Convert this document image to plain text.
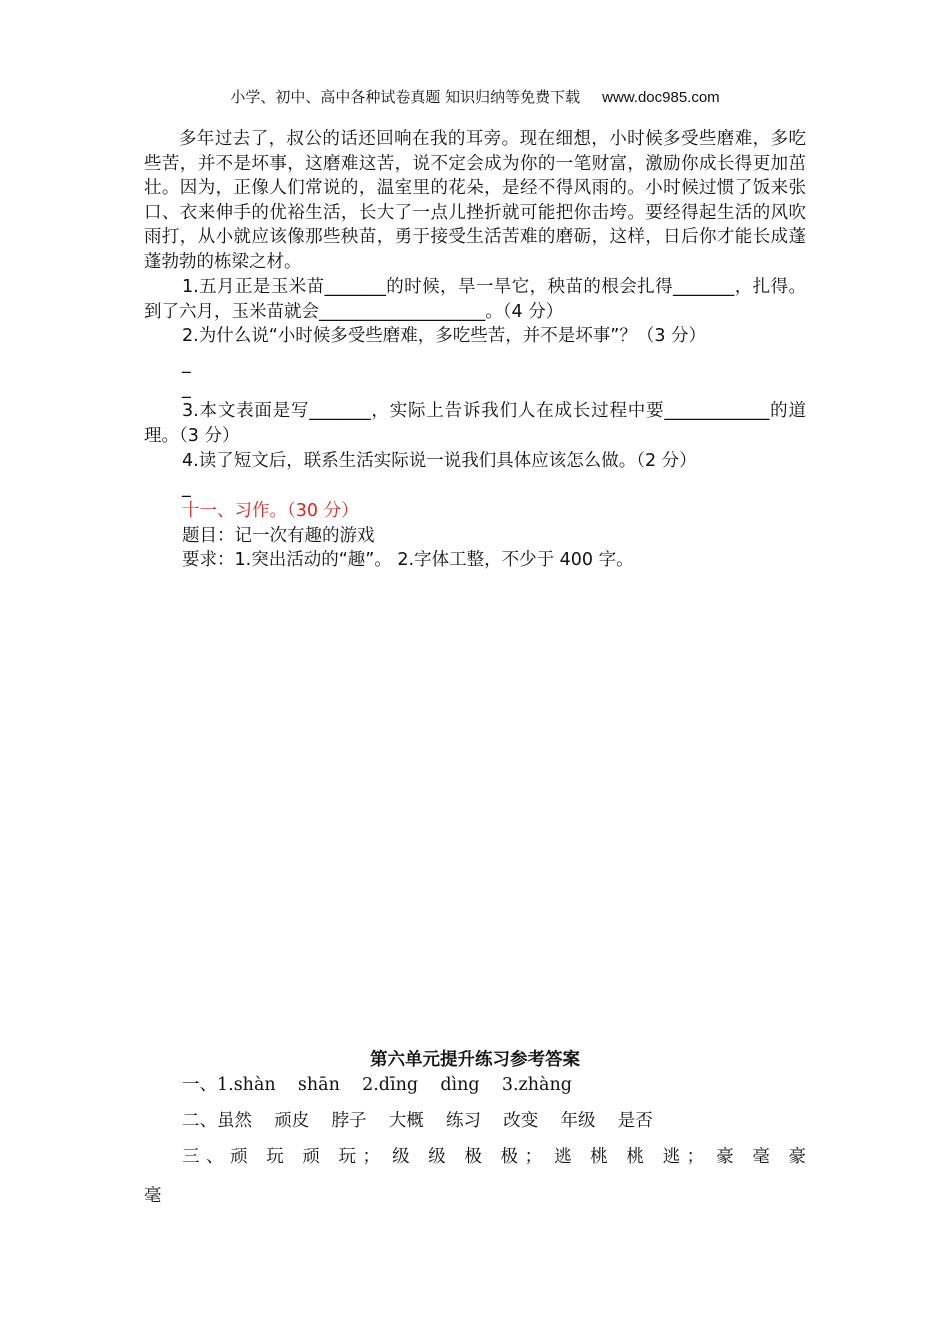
小学、初中、高中各种试卷真题 知识归纳等免费下载 www.doc985.com
多年过去了，叔公的话还回响在我的耳旁。现在细想，小时候多受些磨难，多吃些苦，并不是坏事，这磨难这苦，说不定会成为你的一笔财富，激励你成长得更加茁壮。因为，正像人们常说的，温室里的花朵，是经不得风雨的。小时候过惯了饭来张口、衣来伸手的优裕生活，长大了一点儿挫折就可能把你击垮。要经得起生活的风吹雨打，从小就应该像那些秧苗，勇于接受生活苦难的磨砺，这样，日后你才能长成蓬蓬勃勃的栋梁之材。
1.五月正是玉米苗_______的时候，旱一旱它，秧苗的根会扎得_______，扎得。到了六月，玉米苗就会___________________。（4 分）
2.为什么说“小时候多受些磨难，多吃些苦，并不是坏事”？（3 分）
_
_
3.本文表面是写_______，实际上告诉我们人在成长过程中要____________的道理。（3 分）
4.读了短文后，联系生活实际说一说我们具体应该怎么做。（2 分）
_
十一、习作。（30 分）
题目：记一次有趣的游戏
要求：1.突出活动的“趣”。 2.字体工整，不少于 400 字。
第六单元提升练习参考答案
一、1.shàn    shān    2.dīng    dìng    3.zhàng
二、虽然    顽皮    脖子    大概    练习    改变    年级    是否
三、顽 玩 顽 玩； 级 级 极 极； 逃 桃 桃 逃； 豪 毫 豪
毫
